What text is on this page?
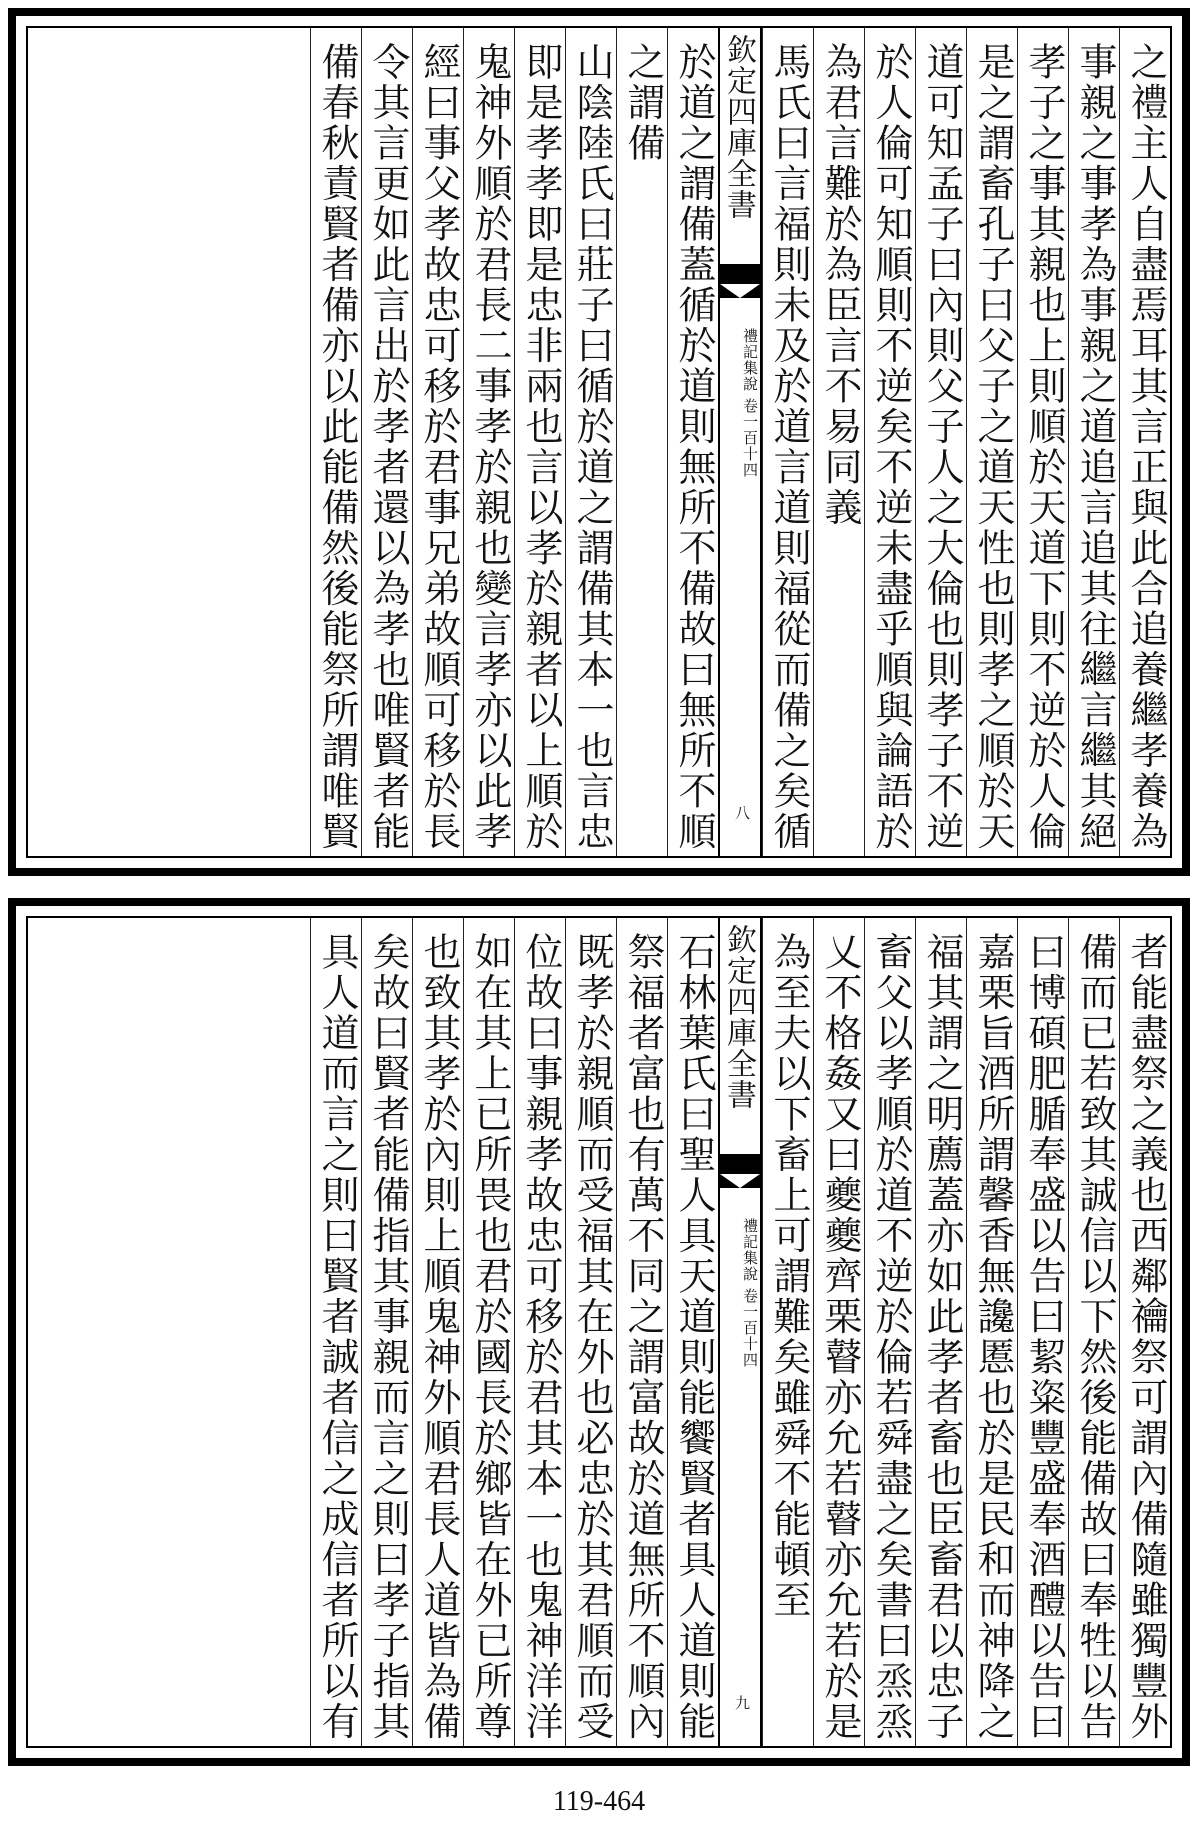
之禮主人自盡焉耳其言正與此合追養繼孝養為
事親之事孝為事親之道追言追其往繼言繼其絕
孝子之事其親也上則順於天道下則不逆於人倫
是之謂畜孔子曰父子之道天性也則孝之順於天
道可知孟子曰內則父子人之大倫也則孝子不逆
於人倫可知順則不逆矣不逆未盡乎順與論語於
為君言難於為臣言不易同義
馬氏曰言福則未及於道言道則福從而備之矣循
欽定四庫全書
禮記集說
卷一百十四
八
於道之謂備蓋循於道則無所不備故曰無所不順
之謂備
山陰陸氏曰莊子曰循於道之謂備其本一也言忠
即是孝孝即是忠非兩也言以孝於親者以上順於
鬼神外順於君長二事孝於親也變言孝亦以此孝
經曰事父孝故忠可移於君事兄弟故順可移於長
令其言更如此言出於孝者還以為孝也唯賢者能
備春秋責賢者備亦以此能備然後能祭所謂唯賢
者能盡祭之義也西鄰禴祭可謂內備隨雖獨豐外
備而已若致其誠信以下然後能備故曰奉牲以告
曰博碩肥腯奉盛以告曰絜粢豐盛奉酒醴以告曰
嘉栗旨酒所謂馨香無讒慝也於是民和而神降之
福其謂之明薦蓋亦如此孝者畜也臣畜君以忠子
畜父以孝順於道不逆於倫若舜盡之矣書曰烝烝
乂不格姦又曰夔夔齊栗瞽亦允若瞽亦允若於是
為至夫以下畜上可謂難矣雖舜不能頓至
欽定四庫全書
禮記集說
卷一百十四
九
石林葉氏曰聖人具天道則能饗賢者具人道則能
祭福者富也有萬不同之謂富故於道無所不順內
既孝於親順而受福其在外也必忠於其君順而受
位故曰事親孝故忠可移於君其本一也鬼神洋洋
如在其上已所畏也君於國長於鄉皆在外已所尊
也致其孝於內則上順鬼神外順君長人道皆為備
矣故曰賢者能備指其事親而言之則曰孝子指其
具人道而言之則曰賢者誠者信之成信者所以有
119-464
